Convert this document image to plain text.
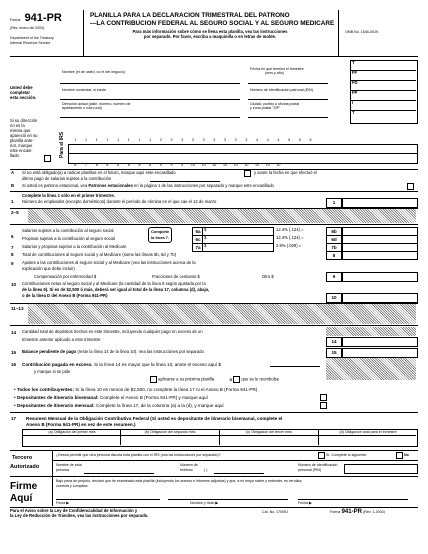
Forma 941-PR
(Rev. enero del 2004)
Department of the Treasury
Internal Revenue Service
PLANILLA PARA LA DECLARACION TRIMESTRAL DEL PATRONO
—LA CONTRIBUCION FEDERAL AL SEGURO SOCIAL Y AL SEGURO MEDICARE
Para más información sobre cómo se llena esta planilla, vea las instrucciones
por separado. Por favor, escriba a maquinilla o en letras de molde.
OMB No. 1545-0029
Usted debe
completar
esta sección.
Nombre (el de usted, no el del negocio)
Fecha en que terminó el trimestre
(mes y año)
Nombre comercial, si existe	Número de identificación patronal (EIN)
Dirección actual (calle, número, número de
apartamento o ruta rural)
Ciudad, pueblo u oficina postal
y zona postal "ZIP"
T
FF
FD
FP
I
T
Si su dirección
no es la
misma que
apareció en su
planilla ante-
rior, marque
este encasi-
llado.	Para el IRS	1 1 1 1 1 1 1 1 2 3 3 3 3 3 3 3 3 4 4 4 5 5 5
6 7 8 8 8 8 8 8 9 9 9 10 10 10 10 10 10 10 10 10
A Si no está obligado(a) a radicar planillas en el futuro, marque aquí este encasillado	y anote la fecha en que efectuó el
último pago de salarios sujetos a la contribución
B Si usted es patrono estacional, vea Patronos estacionales en la página 1 de las instrucciones por separado y marque este encasillado
Complete la línea 1 sólo en el primer trimestre.
1 Número de empleados (excepto domésticos) durante el período de nómina en el que cae el 12 de marzo	1
2–5
6
Salarios sujetos a la contribución al seguro social
Propinas sujetas a la contribución al seguro social
Complete
la línea 7.
7 Salarios y propinas sujetos a la contribución al Medicare
6a $	12.4% (.124) =	6b
6c $	12.4% (.124) =	6d
7a $	2.9% (.029) =	7b
8 Total de contribuciones al seguro social y al Medicare (sume las líneas 6b, 6d y 7b)	8
9 Ajustes a las contribuciones al seguro social y al Medicare (vea las instrucciones acerca de la
explicación que debe incluir)
Compensación por enfermedad $	Fracciones de centavos $	Otro $	9
10 Contribuciones netas al seguro social y al Medicare (la cantidad de la línea 8 según ajustada por la
de la línea 9). Si es de $2,500 ó más, deberá ser igual al total de la línea 17, columna (d), abajo,
o de la línea D del Anexo B (Forma 941-PR)	10
11–13
14 Cantidad total de depósitos hechos en este trimestre, incluyendo cualquier pago en exceso de un
trimestre anterior aplicado a este trimestre	14
15 Balance pendiente de pago (reste la línea 14 de la línea 10). Vea las instrucciones por separado	15
16 Contribución pagada en exceso. Si la línea 14 es mayor que la línea 10, anote el exceso aquí $
y marque si se pide
aplicarse a su próxima planilla	o que se le reembolse
• Todos los contribuyentes: Si la línea 10 es menos de $2,500, no complete la línea 17 ni el Anexo B (Forma 941-PR).
• Depositantes de itinerario bisemanal: Complete el Anexo B (Forma 941-PR) y marque aquí
• Depositantes de itinerario mensual: Complete la línea 17, de la columna (a) a la (d), y marque aquí
17 Resumen Mensual de la Obligación Contributiva Federal (Si usted es depositante de itinerario bisemanal, complete el
Anexo B (Forma 941-PR) en vez de este resumen.)
(a) Obligación del primer mes	(b) Obligación del segundo mes	(c) Obligación del tercer mes	(d) Obligación total para el trimestre
Tercero
Autorizado
¿Desea permitir que otra persona discuta esta planilla con el IRS (vea las instrucciones por separado)?	Sí. Complete lo siguiente.	No
Nombre de esta
persona
Número de
teléfono	( )
Número de identificación
personal (PIN)
Firme
Aquí
Bajo pena de perjurio, declaro que he examinado esta planilla (incluyendo los anexos e informes adjuntos) y que, a mi mejor saber y entender, es verídica,
correcta y completa.
Firma ▶	Nombre y título ▶	Fecha ▶
Para el Aviso sobre la Ley de Confidencialidad de Información y
la Ley de Reducción de Trámites, vea las instrucciones por separado.
Cat. No. 17009J	Forma 941-PR (Rev. 1-2004)
